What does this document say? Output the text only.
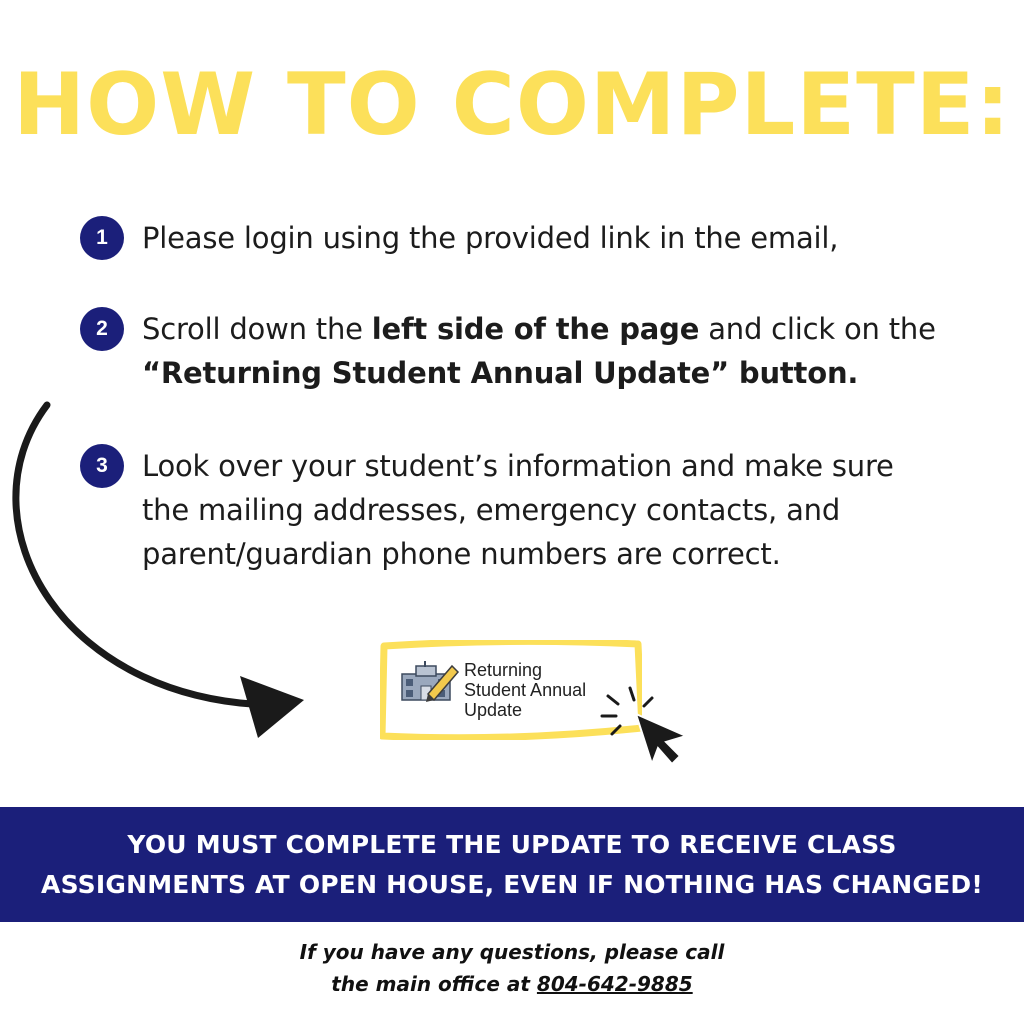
HOW TO COMPLETE:
1	Please login using the provided link in the email,
2	Scroll down the left side of the page and click on the “Returning Student Annual Update” button.
3	Look over your student’s information and make sure the mailing addresses, emergency contacts, and parent/guardian phone numbers are correct.
Returning
Student Annual
Update
YOU MUST COMPLETE THE UPDATE TO RECEIVE CLASS
ASSIGNMENTS AT OPEN HOUSE, EVEN IF NOTHING HAS CHANGED!
If you have any questions, please call
the main office at 804-642-9885
